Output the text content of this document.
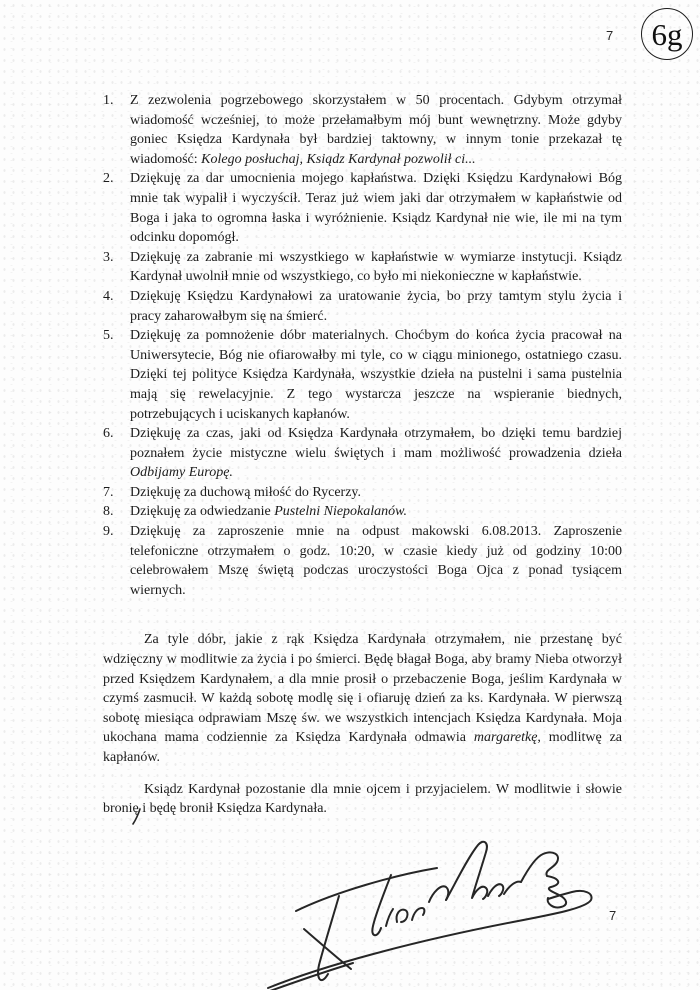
7 6g
1.	Z zezwolenia pogrzebowego skorzystałem w 50 procentach. Gdybym otrzymał wiadomość wcześniej, to może przełamałbym mój bunt wewnętrzny. Może gdyby goniec Księdza Kardynała był bardziej taktowny, w innym tonie przekazał tę wiadomość: Kolego posłuchaj, Ksiądz Kardynał pozwolił ci...
2.	Dziękuję za dar umocnienia mojego kapłaństwa. Dzięki Księdzu Kardynałowi Bóg mnie tak wypalił i wyczyścił. Teraz już wiem jaki dar otrzymałem w kapłaństwie od Boga i jaka to ogromna łaska i wyróżnienie. Ksiądz Kardynał nie wie, ile mi na tym odcinku dopomógł.
3.	Dziękuję za zabranie mi wszystkiego w kapłaństwie w wymiarze instytucji. Ksiądz Kardynał uwolnił mnie od wszystkiego, co było mi niekonieczne w kapłaństwie.
4.	Dziękuję Księdzu Kardynałowi za uratowanie życia, bo przy tamtym stylu życia i pracy zaharowałbym się na śmierć.
5.	Dziękuję za pomnożenie dóbr materialnych. Choćbym do końca życia pracował na Uniwersytecie, Bóg nie ofiarowałby mi tyle, co w ciągu minionego, ostatniego czasu. Dzięki tej polityce Księdza Kardynała, wszystkie dzieła na pustelni i sama pustelnia mają się rewelacyjnie. Z tego wystarcza jeszcze na wspieranie biednych, potrzebujących i uciskanych kapłanów.
6.	Dziękuję za czas, jaki od Księdza Kardynała otrzymałem, bo dzięki temu bardziej poznałem życie mistyczne wielu świętych i mam możliwość prowadzenia dzieła Odbijamy Europę.
7.	Dziękuję za duchową miłość do Rycerzy.
8.	Dziękuję za odwiedzanie Pustelni Niepokalanów.
9.	Dziękuję za zaproszenie mnie na odpust makowski 6.08.2013. Zaproszenie telefoniczne otrzymałem o godz. 10:20, w czasie kiedy już od godziny 10:00 celebrowałem Mszę świętą podczas uroczystości Boga Ojca z ponad tysiącem wiernych.

Za tyle dóbr, jakie z rąk Księdza Kardynała otrzymałem, nie przestanę być wdzięczny w modlitwie za życia i po śmierci. Będę błagał Boga, aby bramy Nieba otworzył przed Księdzem Kardynałem, a dla mnie prosił o przebaczenie Boga, jeślim Kardynała w czymś zasmucił. W każdą sobotę modlę się i ofiaruję dzień za ks. Kardynała. W pierwszą sobotę miesiąca odprawiam Mszę św. we wszystkich intencjach Księdza Kardynała. Moja ukochana mama codziennie za Księdza Kardynała odmawia margaretkę, modlitwę za kapłanów.

Ksiądz Kardynał pozostanie dla mnie ojcem i przyjacielem. W modlitwie i słowie bronię i będę bronił Księdza Kardynała.

7
